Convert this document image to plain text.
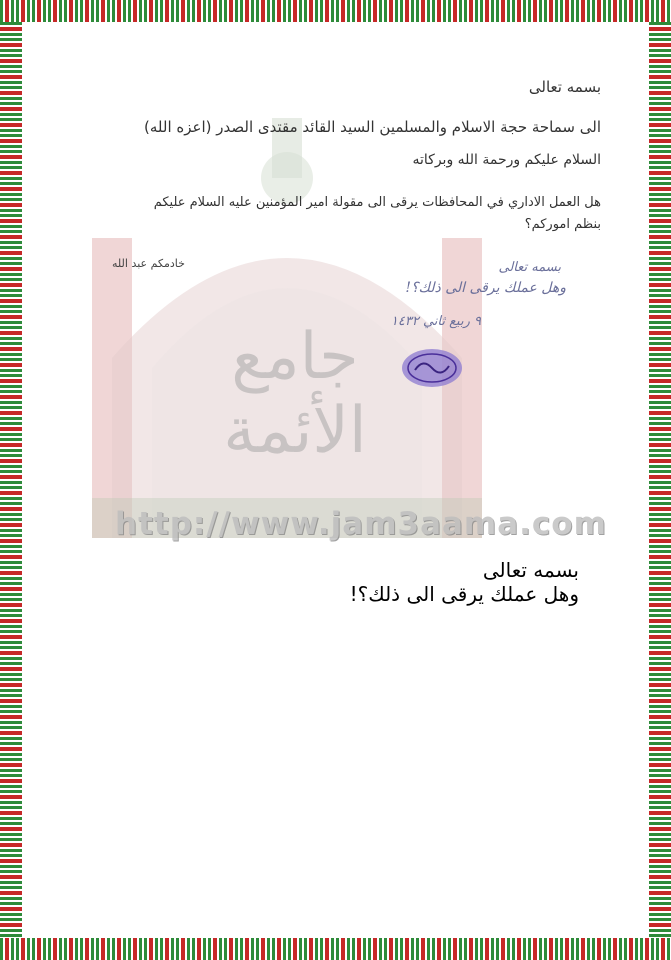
جامع الأئمة
http://www.jam3aama.com
بسمه تعالى
الى سماحة حجة الاسلام والمسلمين السيد القائد مقتدى الصدر (اعزه الله)
السلام عليكم ورحمة الله وبركاته
هل العمل الاداري في المحافظات يرقى الى مقولة امير المؤمنين عليه السلام عليكم بنظم اموركم؟
خادمكم عبد الله	بسمه تعالى
وهل عملك يرقى الى ذلك؟!
٩ ربيع ثاني ١٤٣٢
بسمه تعالى
وهل عملك يرقى الى ذلك؟!
